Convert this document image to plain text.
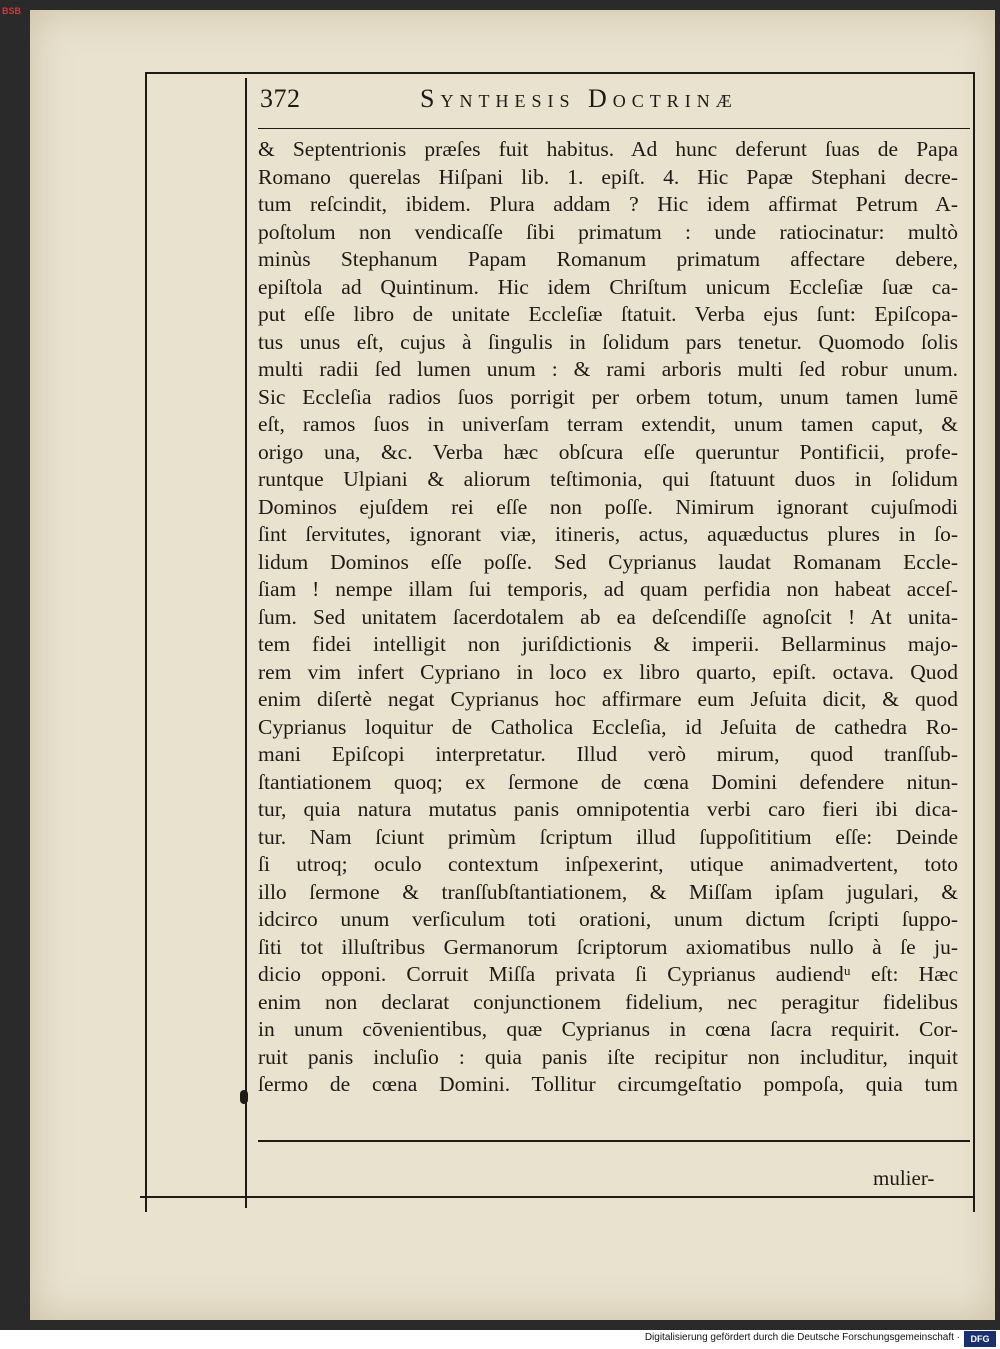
BSB
372	Synthesis Doctrinæ
& Septentrionis præſes fuit habitus. Ad hunc deferunt ſuas de Papa
Romano querelas Hiſpani lib. 1. epiſt. 4. Hic Papæ Stephani decre-
tum reſcindit, ibidem. Plura addam ? Hic idem affirmat Petrum A-
poſtolum non vendicaſſe ſibi primatum : unde ratiocinatur: multò
minùs Stephanum Papam Romanum primatum affectare debere,
epiſtola ad Quintinum. Hic idem Chriſtum unicum Eccleſiæ ſuæ ca-
put eſſe libro de unitate Eccleſiæ ſtatuit. Verba ejus ſunt: Epiſcopa-
tus unus eſt, cujus à ſingulis in ſolidum pars tenetur. Quomodo ſolis
multi radii ſed lumen unum : & rami arboris multi ſed robur unum.
Sic Eccleſia radios ſuos porrigit per orbem totum, unum tamen lumē
eſt, ramos ſuos in univerſam terram extendit, unum tamen caput, &
origo una, &c. Verba hæc obſcura eſſe queruntur Pontificii, profe-
runtque Ulpiani & aliorum teſtimonia, qui ſtatuunt duos in ſolidum
Dominos ejuſdem rei eſſe non poſſe. Nimirum ignorant cujuſmodi
ſint ſervitutes, ignorant viæ, itineris, actus, aquæductus plures in ſo-
lidum Dominos eſſe poſſe. Sed Cyprianus laudat Romanam Eccle-
ſiam ! nempe illam ſui temporis, ad quam perfidia non habeat acceſ-
ſum. Sed unitatem ſacerdotalem ab ea deſcendiſſe agnoſcit ! At unita-
tem fidei intelligit non juriſdictionis & imperii. Bellarminus majo-
rem vim infert Cypriano in loco ex libro quarto, epiſt. octava. Quod
enim diſertè negat Cyprianus hoc affirmare eum Jeſuita dicit, & quod
Cyprianus loquitur de Catholica Eccleſia, id Jeſuita de cathedra Ro-
mani Epiſcopi interpretatur. Illud verò mirum, quod tranſſub-
ſtantiationem quoq; ex ſermone de cœna Domini defendere nitun-
tur, quia natura mutatus panis omnipotentia verbi caro fieri ibi dica-
tur. Nam ſciunt primùm ſcriptum illud ſuppoſititium eſſe: Deinde
ſi utroq; oculo contextum inſpexerint, utique animadvertent, toto
illo ſermone & tranſſubſtantiationem, & Miſſam ipſam jugulari, &
idcirco unum verſiculum toti orationi, unum dictum ſcripti ſuppo-
ſiti tot illuſtribus Germanorum ſcriptorum axiomatibus nullo à ſe ju-
dicio opponi. Corruit Miſſa privata ſi Cyprianus audiendᵘ eſt: Hæc
enim non declarat conjunctionem fidelium, nec peragitur fidelibus
in unum cōvenientibus, quæ Cyprianus in cœna ſacra requirit. Cor-
ruit panis incluſio : quia panis iſte recipitur non includitur, inquit
ſermo de cœna Domini. Tollitur circumgeſtatio pompoſa, quia tum
mulier-
Digitalisierung gefördert durch die Deutsche Forschungsgemeinschaft ·	DFG
